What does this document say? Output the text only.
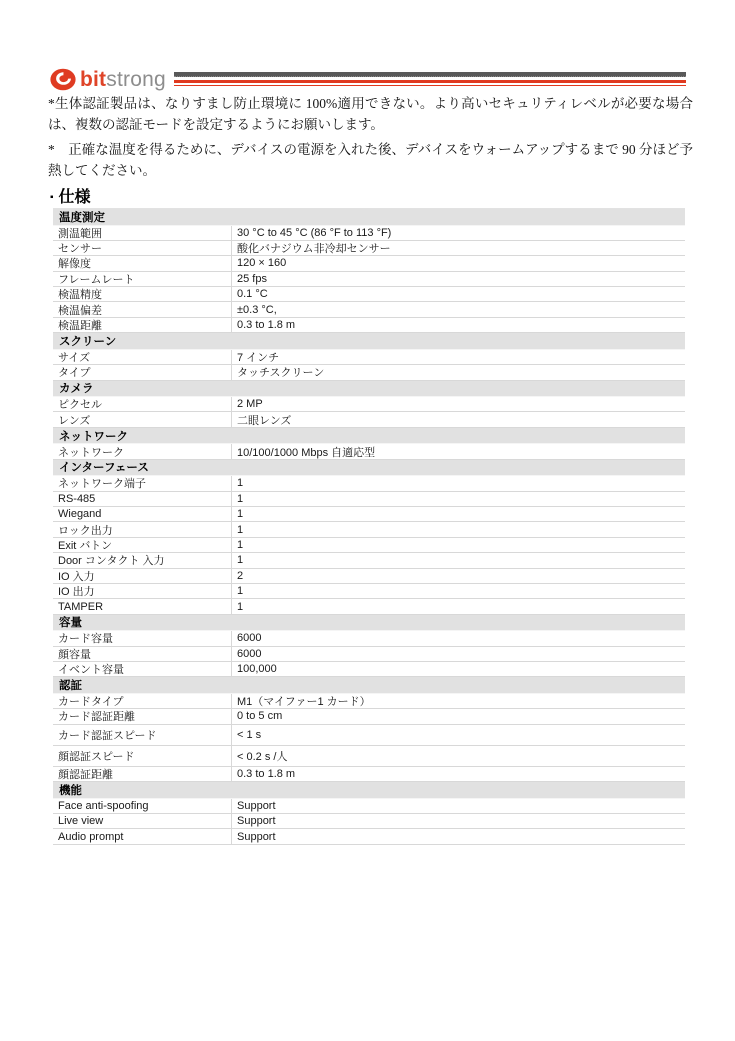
bitstrong

*生体認証製品は、なりすまし防止環境に 100%適用できない。より高いセキュリティレベルが必要な場合は、複数の認証モードを設定するようにお願いします。

*　正確な温度を得るために、デバイスの電源を入れた後、デバイスをウォームアップするまで 90 分ほど予熱してください。

▪ 仕様
温度測定
測温範囲	30 °C to 45 °C (86 °F to 113 °F)
センサー	酸化バナジウム非冷却センサー
解像度	120 × 160
フレームレート	25 fps
検温精度	0.1 °C
検温偏差	±0.3 °C,
検温距離	0.3 to 1.8 m
スクリーン
サイズ	7 インチ
タイプ	タッチスクリーン
カメラ
ピクセル	2 MP
レンズ	二眼レンズ
ネットワーク
ネットワーク	10/100/1000 Mbps 自適応型
インターフェース
ネットワーク端子	1
RS-485	1
Wiegand	1
ロック出力	1
Exit バトン	1
Door コンタクト 入力	1
IO 入力	2
IO 出力	1
TAMPER	1
容量
カード容量	6000
顔容量	6000
イベント容量	100,000
認証
カードタイプ	M1（マイファー1 カード）
カード認証距離	0 to 5 cm
カード認証スピード	< 1 s
顔認証スピード	< 0.2 s /人
顔認証距離	0.3 to 1.8 m
機能
Face anti-spoofing	Support
Live view	Support
Audio prompt	Support
